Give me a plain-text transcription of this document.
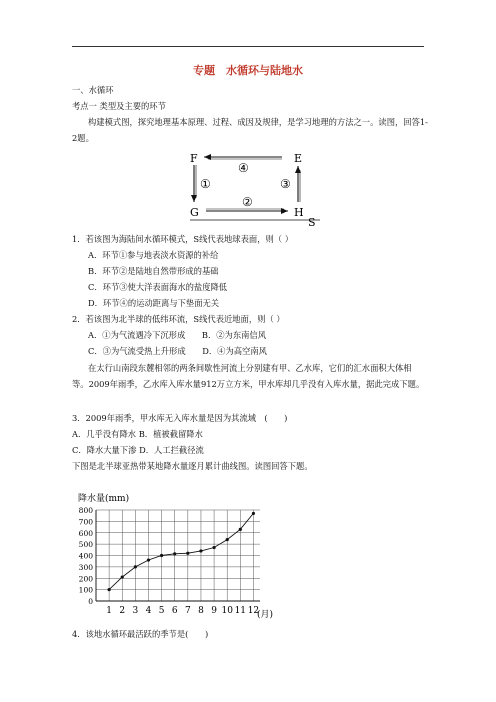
专题　水循环与陆地水
一、水循环
考点一 类型及主要的环节
构建模式图，探究地理基本原理、过程、成因及规律，是学习地理的方法之一。读图，回答1-2题。
F	E
G	H
S
④
①	③
②
1．若该图为海陆间水循环模式，S线代表地球表面，则（ ）
A．环节①参与地表淡水资源的补给
B．环节②是陆地自然带形成的基础
C．环节③使大洋表面海水的盐度降低
D．环节④的运动距离与下垫面无关
2．若该图为北半球的低纬环流，S线代表近地面，则（ ）
A．①为气流遇冷下沉形成　　B．②为东南信风
C．③为气流受热上升形成　　D．④为高空南风
在太行山南段东麓相邻的两条间歇性河流上分别建有甲、乙水库，它们的汇水面积大体相等。2009年雨季，乙水库入库水量912万立方米，甲水库却几乎没有入库水量，据此完成下题。
3．2009年雨季，甲水库无入库水量是因为其流域　(　　)
A．几乎没有降水 B．植被截留降水
C．降水大量下渗 D．人工拦截径流
下图是北半球亚热带某地降水量逐月累计曲线图。读图回答下题。
降水量(mm)
0
100
200
300
400
500
600
700
800
1 2 3 4 5 6 7 8 9 10 11 12
(月)
4．该地水循环最活跃的季节是(　　)
